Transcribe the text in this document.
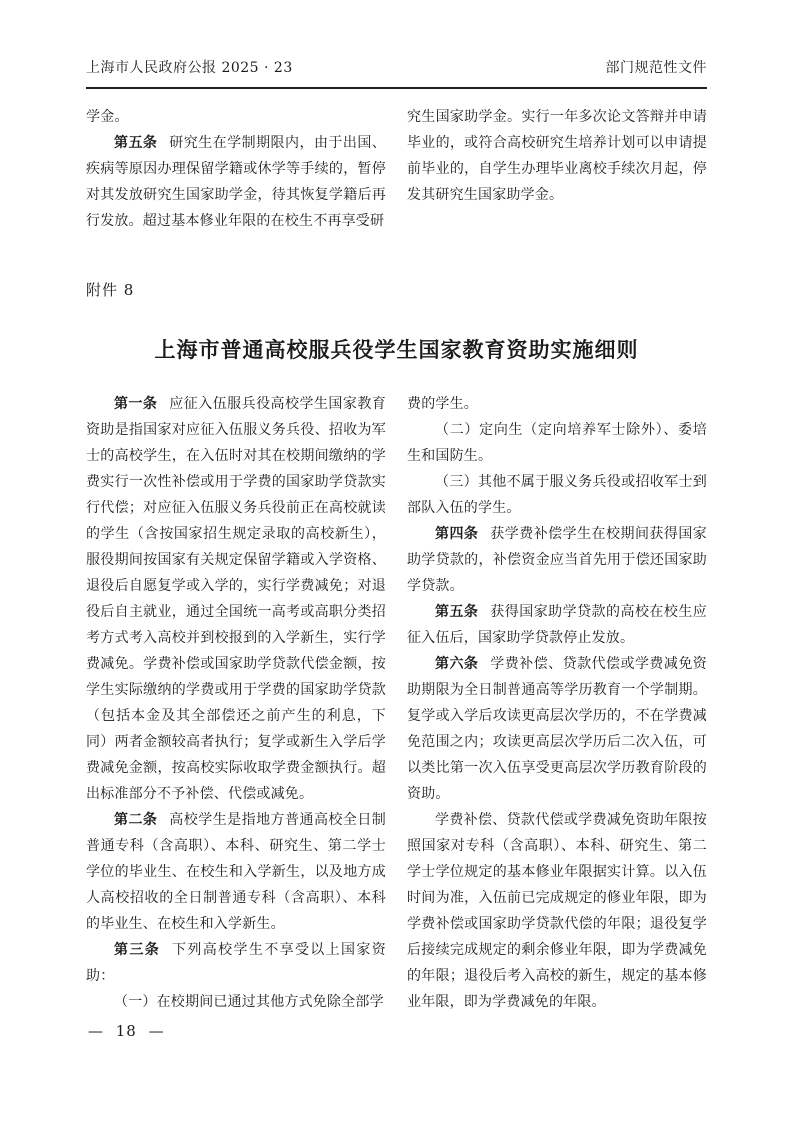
上海市人民政府公报 2025 · 23	部门规范性文件

学金。

第五条 研究生在学制期限内，由于出国、疾病等原因办理保留学籍或休学等手续的，暂停对其发放研究生国家助学金，待其恢复学籍后再行发放。超过基本修业年限的在校生不再享受研

究生国家助学金。实行一年多次论文答辩并申请毕业的，或符合高校研究生培养计划可以申请提前毕业的，自学生办理毕业离校手续次月起，停发其研究生国家助学金。

附件 8
上海市普通高校服兵役学生国家教育资助实施细则

第一条 应征入伍服兵役高校学生国家教育资助是指国家对应征入伍服义务兵役、招收为军士的高校学生，在入伍时对其在校期间缴纳的学费实行一次性补偿或用于学费的国家助学贷款实行代偿；对应征入伍服义务兵役前正在高校就读的学生（含按国家招生规定录取的高校新生），服役期间按国家有关规定保留学籍或入学资格、退役后自愿复学或入学的，实行学费减免；对退役后自主就业，通过全国统一高考或高职分类招考方式考入高校并到校报到的入学新生，实行学费减免。学费补偿或国家助学贷款代偿金额，按学生实际缴纳的学费或用于学费的国家助学贷款（包括本金及其全部偿还之前产生的利息，下同）两者金额较高者执行；复学或新生入学后学费减免金额，按高校实际收取学费金额执行。超出标准部分不予补偿、代偿或减免。

第二条 高校学生是指地方普通高校全日制普通专科（含高职）、本科、研究生、第二学士学位的毕业生、在校生和入学新生，以及地方成人高校招收的全日制普通专科（含高职）、本科的毕业生、在校生和入学新生。

第三条 下列高校学生不享受以上国家资助：

（一）在校期间已通过其他方式免除全部学

费的学生。

（二）定向生（定向培养军士除外）、委培生和国防生。

（三）其他不属于服义务兵役或招收军士到部队入伍的学生。

第四条 获学费补偿学生在校期间获得国家助学贷款的，补偿资金应当首先用于偿还国家助学贷款。

第五条 获得国家助学贷款的高校在校生应征入伍后，国家助学贷款停止发放。

第六条 学费补偿、贷款代偿或学费减免资助期限为全日制普通高等学历教育一个学制期。复学或入学后攻读更高层次学历的，不在学费减免范围之内；攻读更高层次学历后二次入伍，可以类比第一次入伍享受更高层次学历教育阶段的资助。

学费补偿、贷款代偿或学费减免资助年限按照国家对专科（含高职）、本科、研究生、第二学士学位规定的基本修业年限据实计算。以入伍时间为准，入伍前已完成规定的修业年限，即为学费补偿或国家助学贷款代偿的年限；退役复学后接续完成规定的剩余修业年限，即为学费减免的年限；退役后考入高校的新生，规定的基本修业年限，即为学费减免的年限。

— 18 —
